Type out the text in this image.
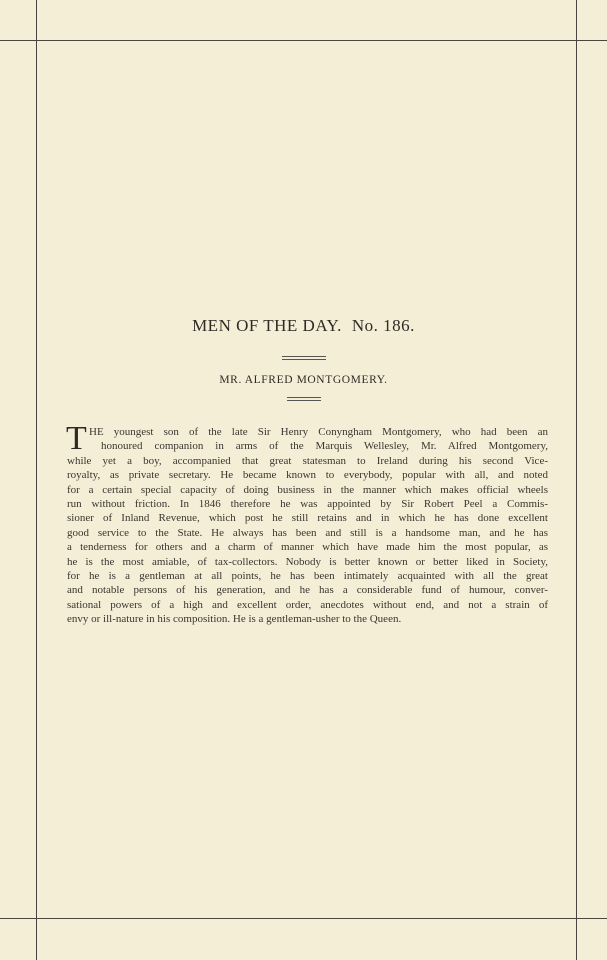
MEN OF THE DAY. No. 186.
MR. ALFRED MONTGOMERY.
T HE youngest son of the late Sir Henry Conyngham Montgomery, who had been an
honoured companion in arms of the Marquis Wellesley, Mr. Alfred Montgomery,
while yet a boy, accompanied that great statesman to Ireland during his second Vice-
royalty, as private secretary. He became known to everybody, popular with all, and noted
for a certain special capacity of doing business in the manner which makes official wheels
run without friction. In 1846 therefore he was appointed by Sir Robert Peel a Commis-
sioner of Inland Revenue, which post he still retains and in which he has done excellent
good service to the State. He always has been and still is a handsome man, and he has
a tenderness for others and a charm of manner which have made him the most popular, as
he is the most amiable, of tax-collectors. Nobody is better known or better liked in Society,
for he is a gentleman at all points, he has been intimately acquainted with all the great
and notable persons of his generation, and he has a considerable fund of humour, conver-
sational powers of a high and excellent order, anecdotes without end, and not a strain of
envy or ill-nature in his composition. He is a gentleman-usher to the Queen.
